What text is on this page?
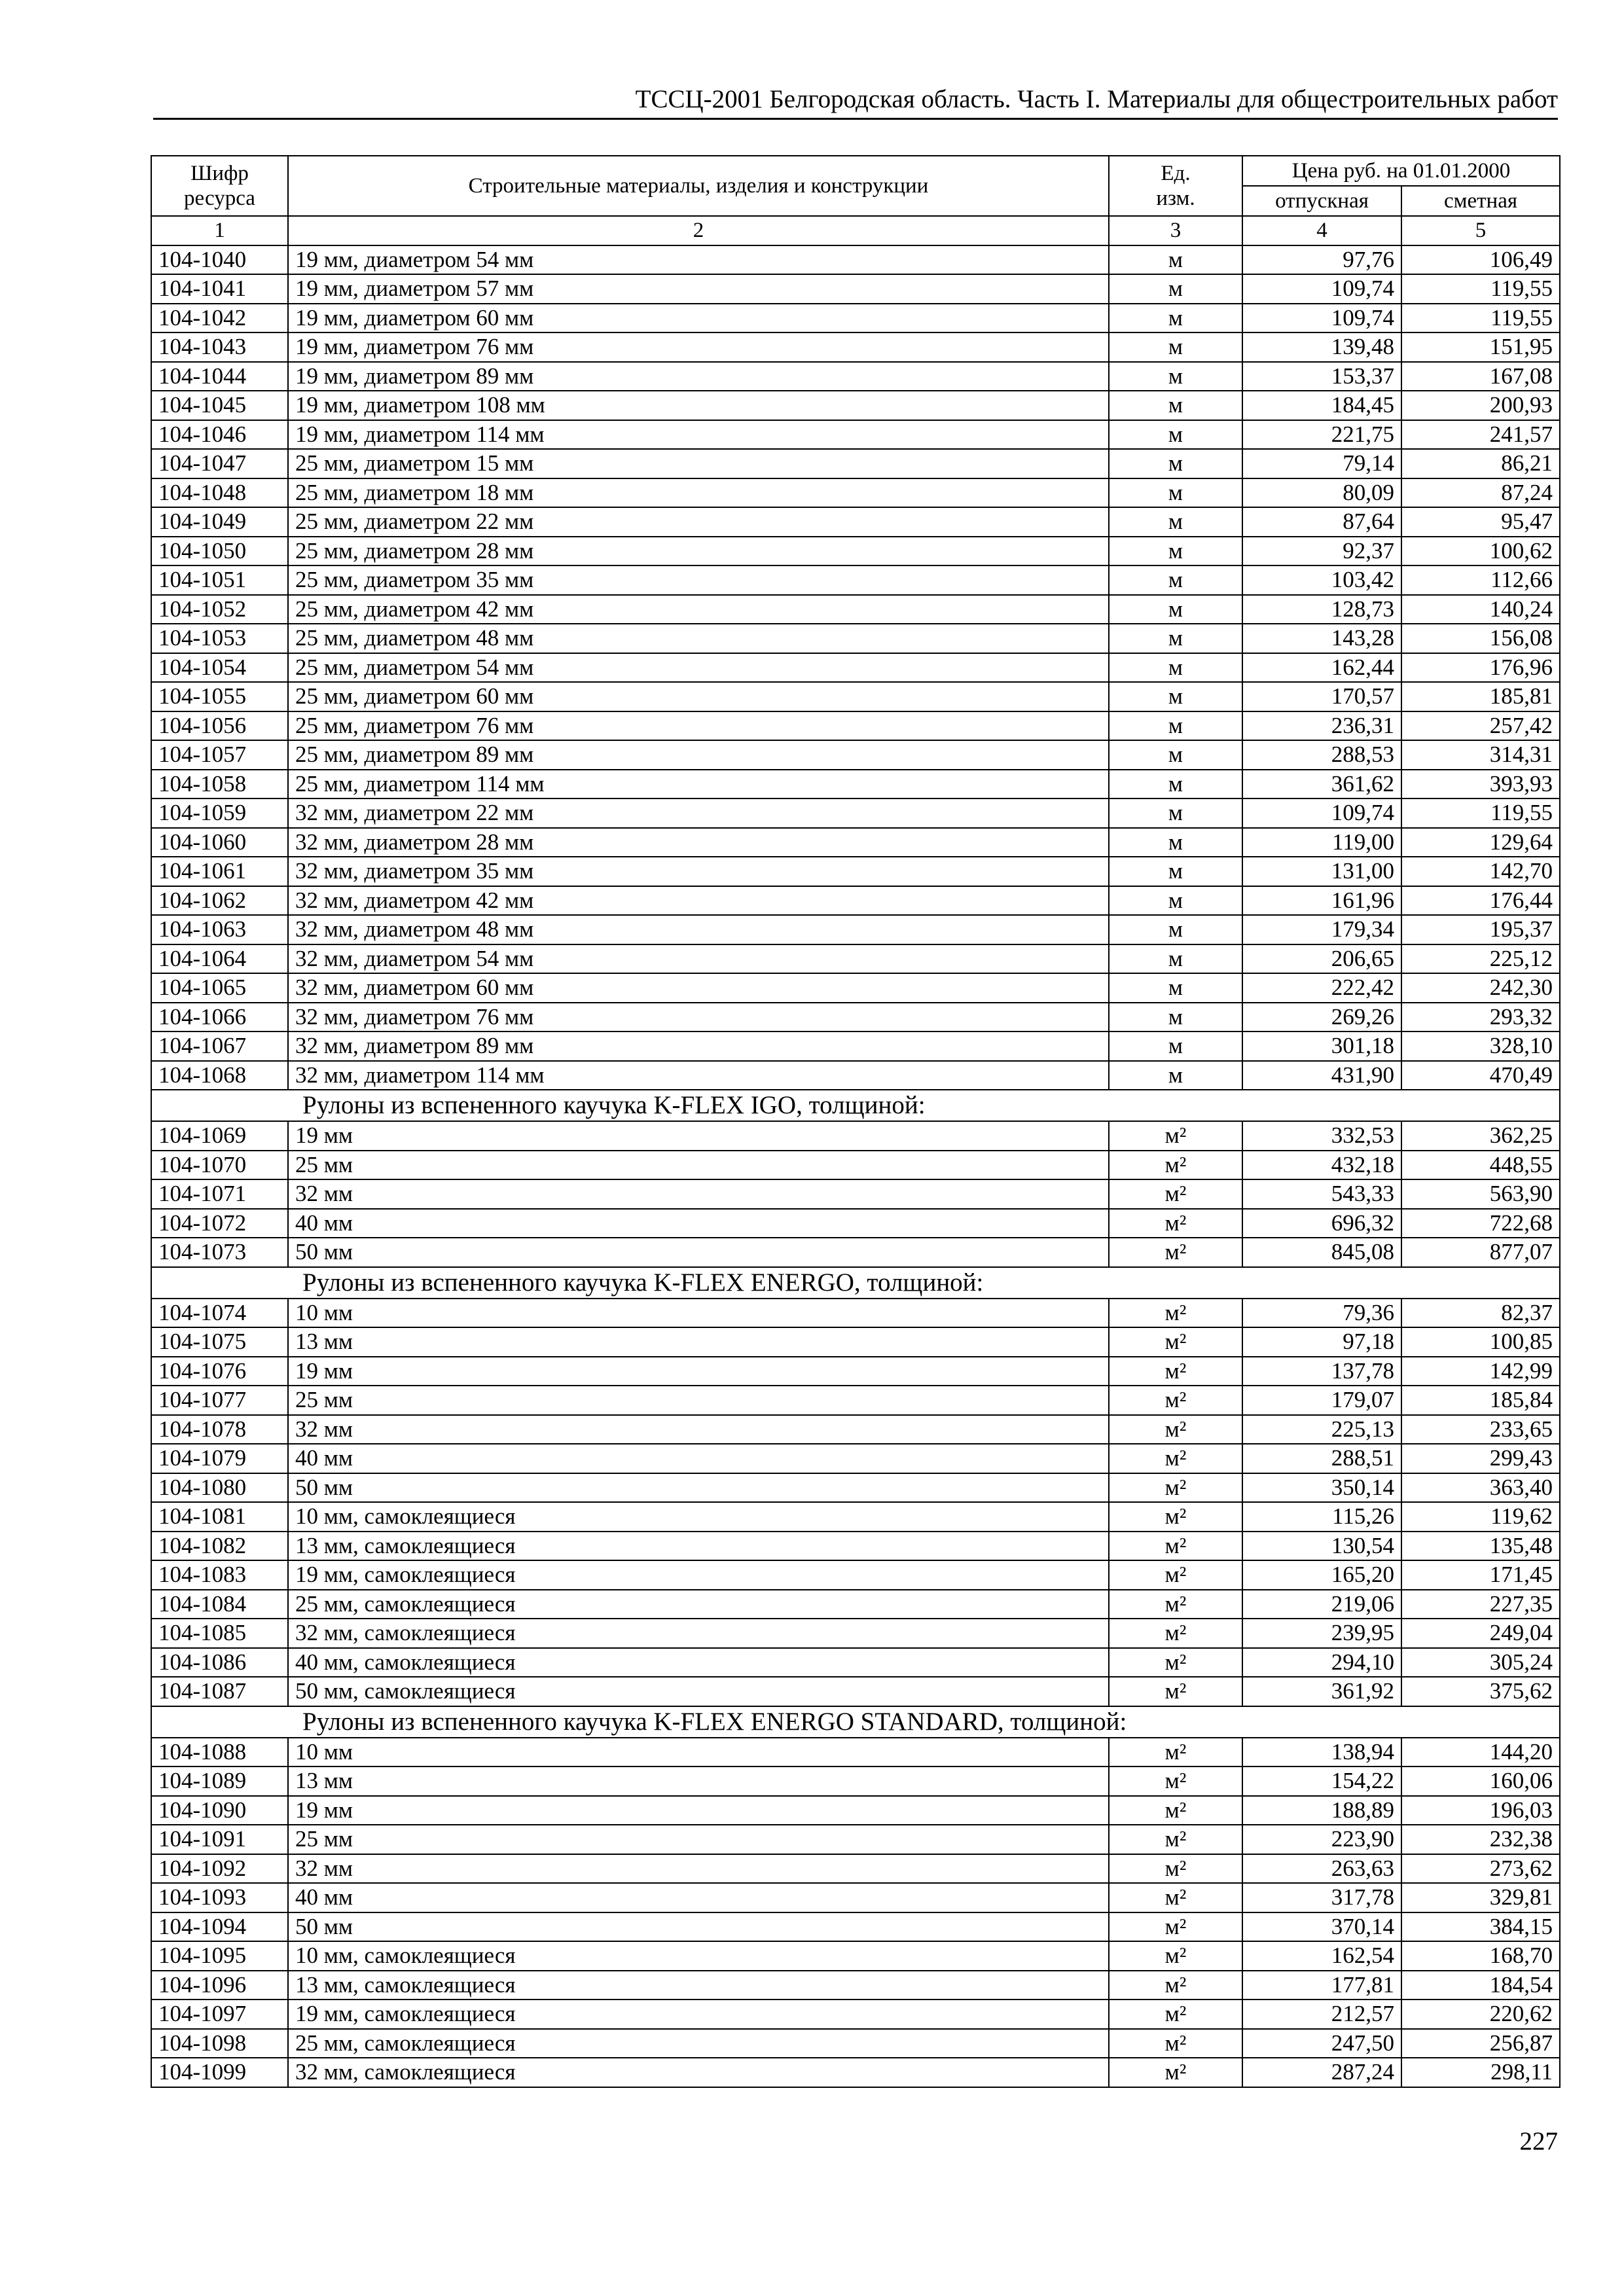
ТССЦ-2001 Белгородская область. Часть I. Материалы для общестроительных работ
Шифр ресурса	Строительные материалы, изделия и конструкции	Ед. изм.	Цена руб. на 01.01.2000	
			отпускная	сметная
1	2	3	4	5
104-1040	19 мм, диаметром 54 мм	м	97,76	106,49
104-1041	19 мм, диаметром 57 мм	м	109,74	119,55
104-1042	19 мм, диаметром 60 мм	м	109,74	119,55
104-1043	19 мм, диаметром 76 мм	м	139,48	151,95
104-1044	19 мм, диаметром 89 мм	м	153,37	167,08
104-1045	19 мм, диаметром 108 мм	м	184,45	200,93
104-1046	19 мм, диаметром 114 мм	м	221,75	241,57
104-1047	25 мм, диаметром 15 мм	м	79,14	86,21
104-1048	25 мм, диаметром 18 мм	м	80,09	87,24
104-1049	25 мм, диаметром 22 мм	м	87,64	95,47
104-1050	25 мм, диаметром 28 мм	м	92,37	100,62
104-1051	25 мм, диаметром 35 мм	м	103,42	112,66
104-1052	25 мм, диаметром 42 мм	м	128,73	140,24
104-1053	25 мм, диаметром 48 мм	м	143,28	156,08
104-1054	25 мм, диаметром 54 мм	м	162,44	176,96
104-1055	25 мм, диаметром 60 мм	м	170,57	185,81
104-1056	25 мм, диаметром 76 мм	м	236,31	257,42
104-1057	25 мм, диаметром 89 мм	м	288,53	314,31
104-1058	25 мм, диаметром 114 мм	м	361,62	393,93
104-1059	32 мм, диаметром 22 мм	м	109,74	119,55
104-1060	32 мм, диаметром 28 мм	м	119,00	129,64
104-1061	32 мм, диаметром 35 мм	м	131,00	142,70
104-1062	32 мм, диаметром 42 мм	м	161,96	176,44
104-1063	32 мм, диаметром 48 мм	м	179,34	195,37
104-1064	32 мм, диаметром 54 мм	м	206,65	225,12
104-1065	32 мм, диаметром 60 мм	м	222,42	242,30
104-1066	32 мм, диаметром 76 мм	м	269,26	293,32
104-1067	32 мм, диаметром 89 мм	м	301,18	328,10
104-1068	32 мм, диаметром 114 мм	м	431,90	470,49
Рулоны из вспененного каучука K-FLEX IGO, толщиной:				
104-1069	19 мм	м²	332,53	362,25
104-1070	25 мм	м²	432,18	448,55
104-1071	32 мм	м²	543,33	563,90
104-1072	40 мм	м²	696,32	722,68
104-1073	50 мм	м²	845,08	877,07
Рулоны из вспененного каучука K-FLEX ENERGO, толщиной:				
104-1074	10 мм	м²	79,36	82,37
104-1075	13 мм	м²	97,18	100,85
104-1076	19 мм	м²	137,78	142,99
104-1077	25 мм	м²	179,07	185,84
104-1078	32 мм	м²	225,13	233,65
104-1079	40 мм	м²	288,51	299,43
104-1080	50 мм	м²	350,14	363,40
104-1081	10 мм, самоклеящиеся	м²	115,26	119,62
104-1082	13 мм, самоклеящиеся	м²	130,54	135,48
104-1083	19 мм, самоклеящиеся	м²	165,20	171,45
104-1084	25 мм, самоклеящиеся	м²	219,06	227,35
104-1085	32 мм, самоклеящиеся	м²	239,95	249,04
104-1086	40 мм, самоклеящиеся	м²	294,10	305,24
104-1087	50 мм, самоклеящиеся	м²	361,92	375,62
Рулоны из вспененного каучука K-FLEX ENERGO STANDARD, толщиной:				
104-1088	10 мм	м²	138,94	144,20
104-1089	13 мм	м²	154,22	160,06
104-1090	19 мм	м²	188,89	196,03
104-1091	25 мм	м²	223,90	232,38
104-1092	32 мм	м²	263,63	273,62
104-1093	40 мм	м²	317,78	329,81
104-1094	50 мм	м²	370,14	384,15
104-1095	10 мм, самоклеящиеся	м²	162,54	168,70
104-1096	13 мм, самоклеящиеся	м²	177,81	184,54
104-1097	19 мм, самоклеящиеся	м²	212,57	220,62
104-1098	25 мм, самоклеящиеся	м²	247,50	256,87
104-1099	32 мм, самоклеящиеся	м²	287,24	298,11
227
